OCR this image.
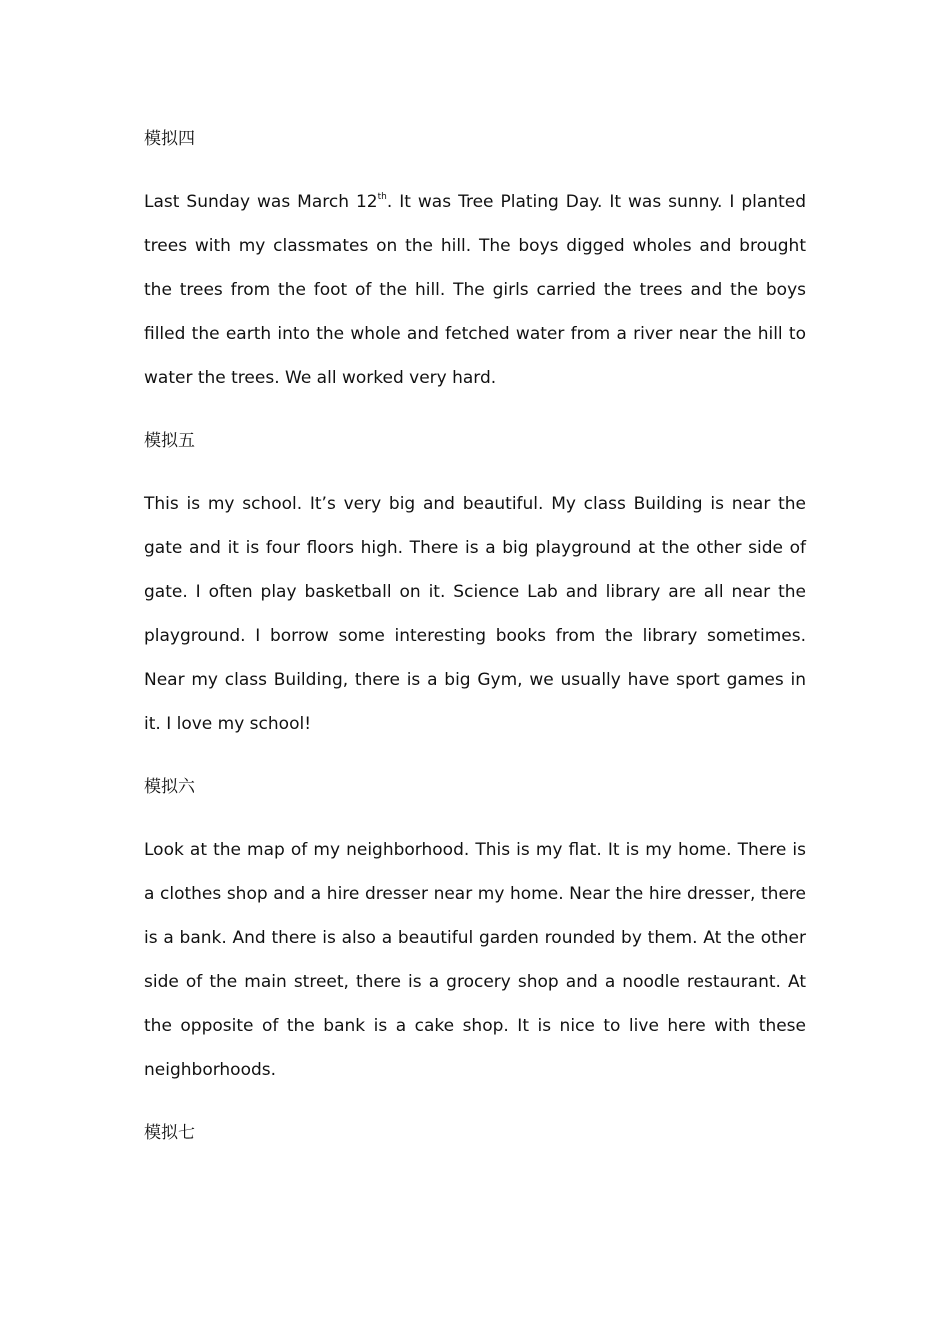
模拟四

Last Sunday was March 12th. It was Tree Plating Day. It was sunny. I planted trees with my classmates on the hill. The boys digged wholes and brought the trees from the foot of the hill. The girls carried the trees and the boys filled the earth into the whole and fetched water from a river near the hill to water the trees. We all worked very hard.

模拟五

This is my school. It’s very big and beautiful. My class Building is near the gate and it is four floors high. There is a big playground at the other side of gate. I often play basketball on it. Science Lab and library are all near the playground. I borrow some interesting books from the library sometimes. Near my class Building, there is a big Gym, we usually have sport games in it. I love my school!

模拟六

Look at the map of my neighborhood. This is my flat. It is my home. There is a clothes shop and a hire dresser near my home. Near the hire dresser, there is a bank. And there is also a beautiful garden rounded by them. At the other side of the main street, there is a grocery shop and a noodle restaurant. At the opposite of the bank is a cake shop. It is nice to live here with these neighborhoods.

模拟七
